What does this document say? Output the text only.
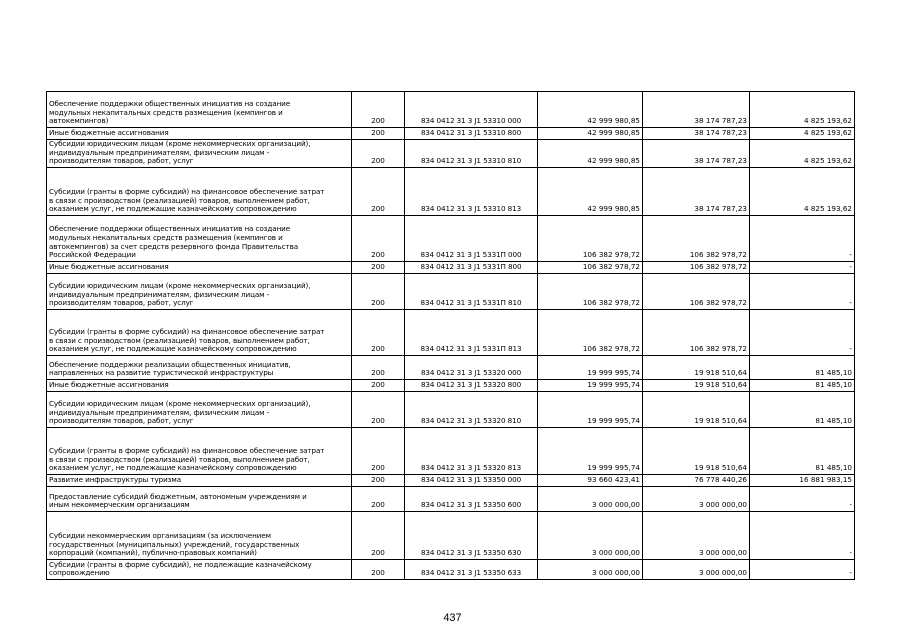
Обеспечение поддержки общественных инициатив на создание
модульных некапитальных средств размещения (кемпингов и
автокемпингов)	200	834 0412 31 3 J1 53310 000	42 999 980,85	38 174 787,23	4 825 193,62
Иные бюджетные ассигнования	200	834 0412 31 3 J1 53310 800	42 999 980,85	38 174 787,23	4 825 193,62

Субсидии юридическим лицам (кроме некоммерческих организаций),
индивидуальным предпринимателям, физическим лицам -
производителям товаров, работ, услуг	200	834 0412 31 3 J1 53310 810	42 999 980,85	38 174 787,23	4 825 193,62

Субсидии (гранты в форме субсидий) на финансовое обеспечение затрат
в связи с производством (реализацией) товаров, выполнением работ,
оказанием услуг, не подлежащие казначейскому сопровождению	200	834 0412 31 3 J1 53310 813	42 999 980,85	38 174 787,23	4 825 193,62

Обеспечение поддержки общественных инициатив на создание
модульных некапитальных средств размещения (кемпингов и
автокемпингов) за счет средств резервного фонда Правительства
Российской Федерации	200	834 0412 31 3 J1 5331П 000	106 382 978,72	106 382 978,72	-
Иные бюджетные ассигнования	200	834 0412 31 3 J1 5331П 800	106 382 978,72	106 382 978,72	-

Субсидии юридическим лицам (кроме некоммерческих организаций),
индивидуальным предпринимателям, физическим лицам -
производителям товаров, работ, услуг	200	834 0412 31 3 J1 5331П 810	106 382 978,72	106 382 978,72	-

Субсидии (гранты в форме субсидий) на финансовое обеспечение затрат
в связи с производством (реализацией) товаров, выполнением работ,
оказанием услуг, не подлежащие казначейскому сопровождению	200	834 0412 31 3 J1 5331П 813	106 382 978,72	106 382 978,72	-

Обеспечение поддержки реализации общественных инициатив,
направленных на развитие туристической инфраструктуры	200	834 0412 31 3 J1 53320 000	19 999 995,74	19 918 510,64	81 485,10
Иные бюджетные ассигнования	200	834 0412 31 3 J1 53320 800	19 999 995,74	19 918 510,64	81 485,10

Субсидии юридическим лицам (кроме некоммерческих организаций),
индивидуальным предпринимателям, физическим лицам -
производителям товаров, работ, услуг	200	834 0412 31 3 J1 53320 810	19 999 995,74	19 918 510,64	81 485,10

Субсидии (гранты в форме субсидий) на финансовое обеспечение затрат
в связи с производством (реализацией) товаров, выполнением работ,
оказанием услуг, не подлежащие казначейскому сопровождению	200	834 0412 31 3 J1 53320 813	19 999 995,74	19 918 510,64	81 485,10
Развитие инфраструктуры туризма	200	834 0412 31 3 J1 53350 000	93 660 423,41	76 778 440,26	16 881 983,15

Предоставление субсидий бюджетным, автономным учреждениям и
иным некоммерческим организациям	200	834 0412 31 3 J1 53350 600	3 000 000,00	3 000 000,00	-

Субсидии некоммерческим организациям (за исключением
государственных (муниципальных) учреждений, государственных
корпораций (компаний), публично-правовых компаний)	200	834 0412 31 3 J1 53350 630	3 000 000,00	3 000 000,00	-

Субсидии (гранты в форме субсидий), не подлежащие казначейскому
сопровождению	200	834 0412 31 3 J1 53350 633	3 000 000,00	3 000 000,00	-
437
